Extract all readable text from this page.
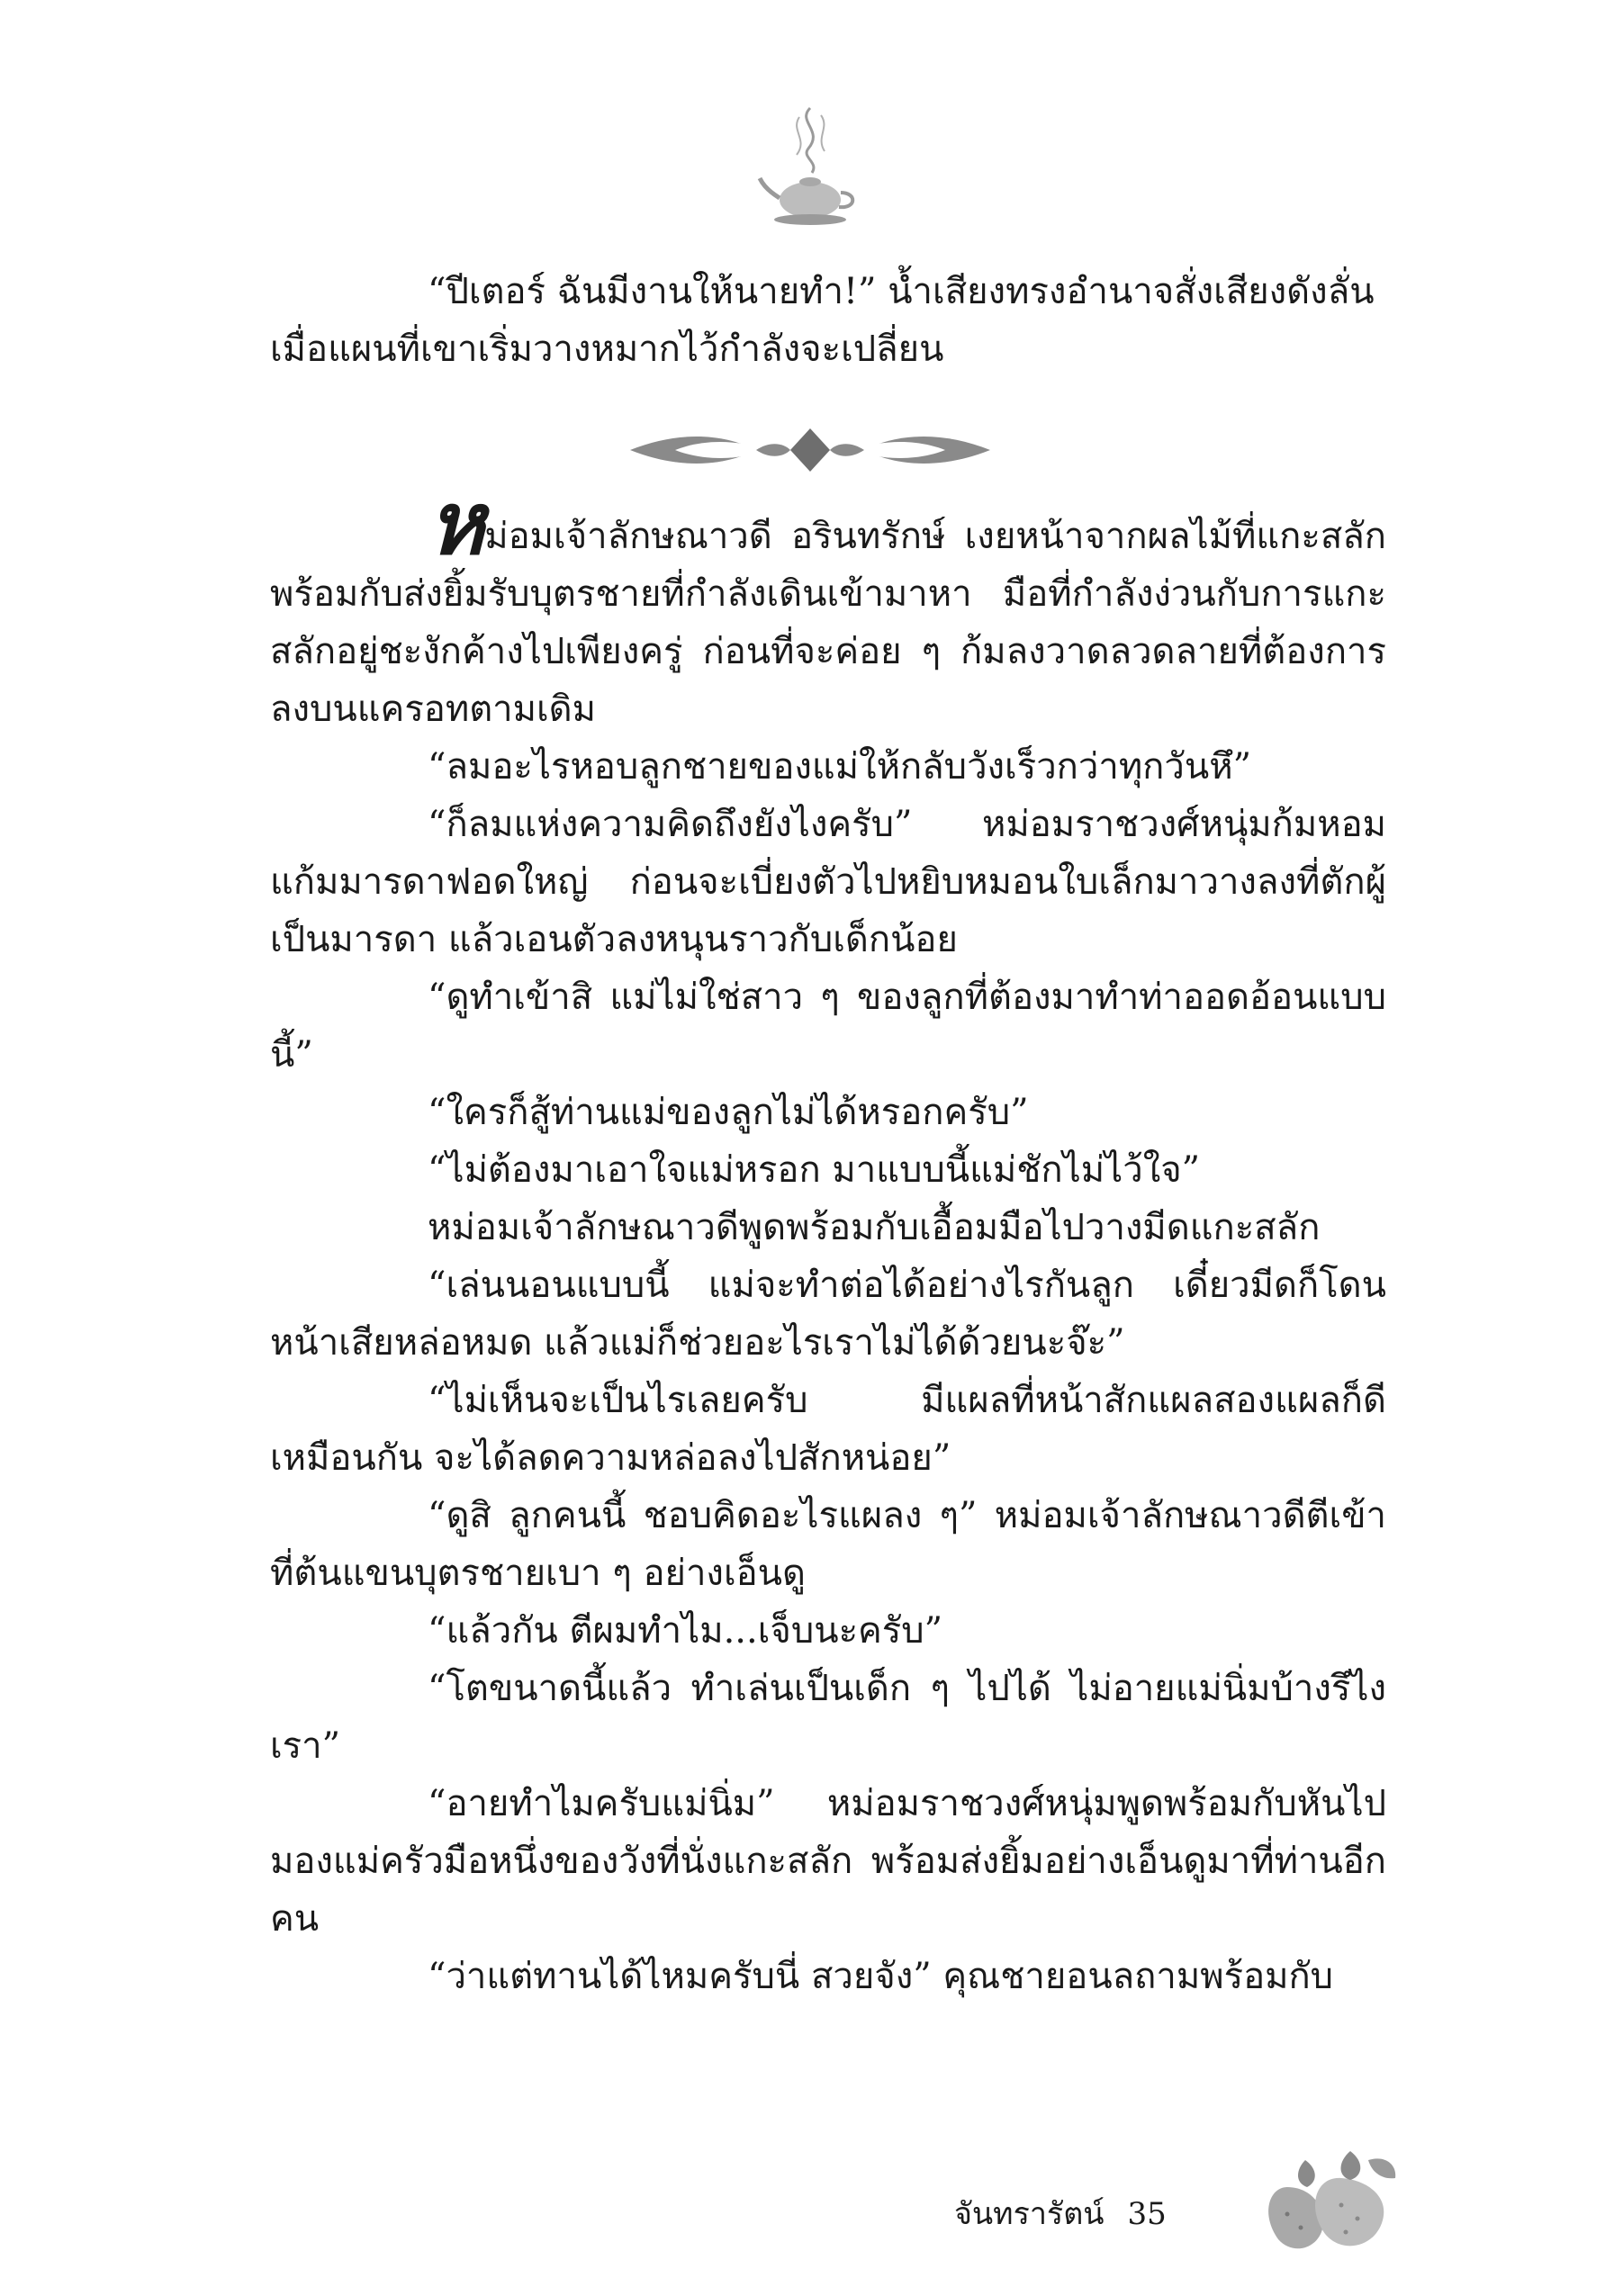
“ปีเตอร์ ฉันมีงานให้นายทำ!” น้ำเสียงทรงอำนาจสั่งเสียงดังลั่น

เมื่อแผนที่เขาเริ่มวางหมากไว้กำลังจะเปลี่ยน

หม่อมเจ้าลักษณาวดี อรินทรักษ์ เงยหน้าจากผลไม้ที่แกะสลัก พร้อมกับส่งยิ้มรับบุตรชายที่กำลังเดินเข้ามาหา มือที่กำลังง่วนกับการแกะสลักอยู่ชะงักค้างไปเพียงครู่ ก่อนที่จะค่อย ๆ ก้มลงวาดลวดลายที่ต้องการลงบนแครอทตามเดิม

“ลมอะไรหอบลูกชายของแม่ให้กลับวังเร็วกว่าทุกวันหึ”

“ก็ลมแห่งความคิดถึงยังไงครับ” หม่อมราชวงศ์หนุ่มก้มหอมแก้มมารดาฟอดใหญ่ ก่อนจะเบี่ยงตัวไปหยิบหมอนใบเล็กมาวางลงที่ตักผู้เป็นมารดา แล้วเอนตัวลงหนุนราวกับเด็กน้อย

“ดูทำเข้าสิ แม่ไม่ใช่สาว ๆ ของลูกที่ต้องมาทำท่าออดอ้อนแบบนี้”

“ใครก็สู้ท่านแม่ของลูกไม่ได้หรอกครับ”

“ไม่ต้องมาเอาใจแม่หรอก มาแบบนี้แม่ชักไม่ไว้ใจ”

หม่อมเจ้าลักษณาวดีพูดพร้อมกับเอื้อมมือไปวางมีดแกะสลัก

“เล่นนอนแบบนี้ แม่จะทำต่อได้อย่างไรกันลูก เดี๋ยวมีดก็โดนหน้าเสียหล่อหมด แล้วแม่ก็ช่วยอะไรเราไม่ได้ด้วยนะจ๊ะ”

“ไม่เห็นจะเป็นไรเลยครับ มีแผลที่หน้าสักแผลสองแผลก็ดีเหมือนกัน จะได้ลดความหล่อลงไปสักหน่อย”

“ดูสิ ลูกคนนี้ ชอบคิดอะไรแผลง ๆ” หม่อมเจ้าลักษณาวดีตีเข้าที่ต้นแขนบุตรชายเบา ๆ อย่างเอ็นดู

“แล้วกัน ตีผมทำไม...เจ็บนะครับ”

“โตขนาดนี้แล้ว ทำเล่นเป็นเด็ก ๆ ไปได้ ไม่อายแม่นิ่มบ้างรึไงเรา”

“อายทำไมครับแม่นิ่ม” หม่อมราชวงศ์หนุ่มพูดพร้อมกับหันไปมองแม่ครัวมือหนึ่งของวังที่นั่งแกะสลัก พร้อมส่งยิ้มอย่างเอ็นดูมาที่ท่านอีกคน

“ว่าแต่ทานได้ไหมครับนี่ สวยจัง” คุณชายอนลถามพร้อมกับ

จันทรารัตน์ 35
